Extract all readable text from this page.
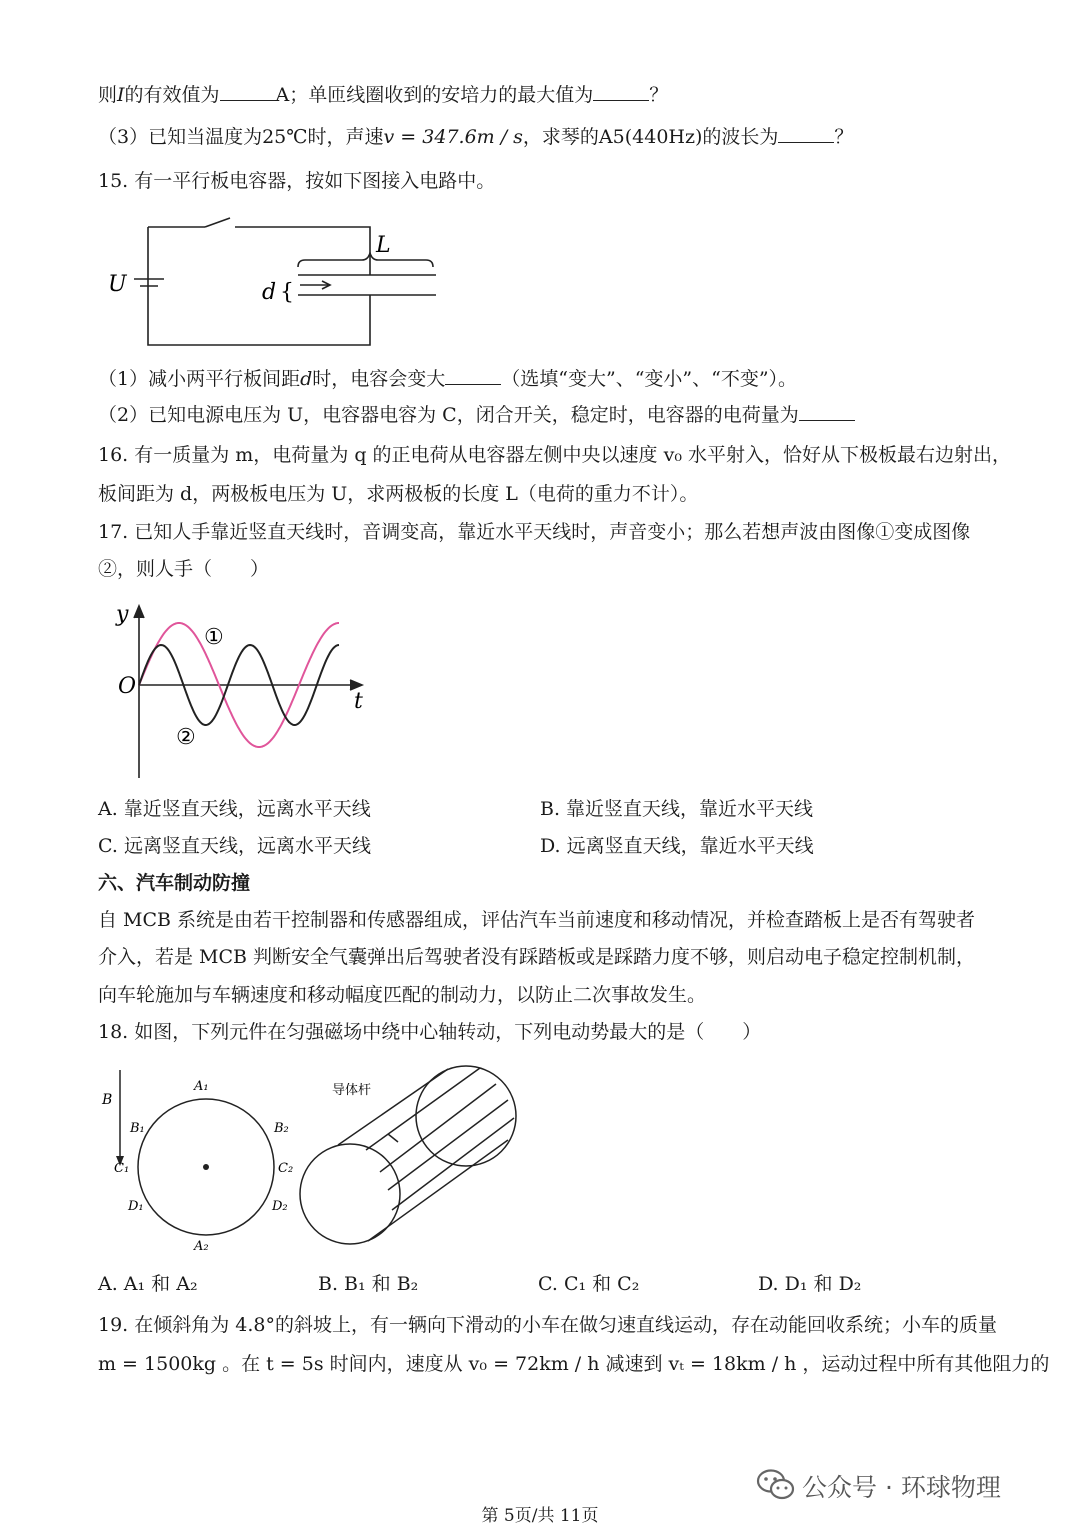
则I的有效值为	A；单匝线圈收到的安培力的最大值为	？
（3）已知当温度为25℃时，声速v = 347.6m / s，求琴的A5(440Hz)的波长为	？
15. 有一平行板电容器，按如下图接入电路中。
U
L
d {
（1）减小两平行板间距d时，电容会变大	（选填“变大”、“变小”、“不变”）。
（2）已知电源电压为 U，电容器电容为 C，闭合开关，稳定时，电容器的电荷量为
16. 有一质量为 m，电荷量为 q 的正电荷从电容器左侧中央以速度 v₀ 水平射入，恰好从下极板最右边射出，
板间距为 d，两极板电压为 U，求两极板的长度 L（电荷的重力不计）。
17. 已知人手靠近竖直天线时，音调变高，靠近水平天线时，声音变小；那么若想声波由图像①变成图像
②，则人手（　　）
y
O
t
①
②
A. 靠近竖直天线，远离水平天线	B. 靠近竖直天线，靠近水平天线
C. 远离竖直天线，远离水平天线	D. 远离竖直天线，靠近水平天线
六、汽车制动防撞
自 MCB 系统是由若干控制器和传感器组成，评估汽车当前速度和移动情况，并检查踏板上是否有驾驶者
介入，若是 MCB 判断安全气囊弹出后驾驶者没有踩踏板或是踩踏力度不够，则启动电子稳定控制机制，
向车轮施加与车辆速度和移动幅度匹配的制动力，以防止二次事故发生。
18. 如图，下列元件在匀强磁场中绕中心轴转动，下列电动势最大的是（　　）
B
A₁
A₂
B₁	B₂
C₁	C₂
D₁	D₂
导体杆
A. A₁ 和 A₂	B. B₁ 和 B₂	C. C₁ 和 C₂	D. D₁ 和 D₂
19. 在倾斜角为 4.8°的斜坡上，有一辆向下滑动的小车在做匀速直线运动，存在动能回收系统；小车的质量
m = 1500kg 。在 t = 5s 时间内，速度从 v₀ = 72km / h 减速到 vₜ = 18km / h ，运动过程中所有其他阻力的
公众号 · 环球物理
第 5页/共 11页
